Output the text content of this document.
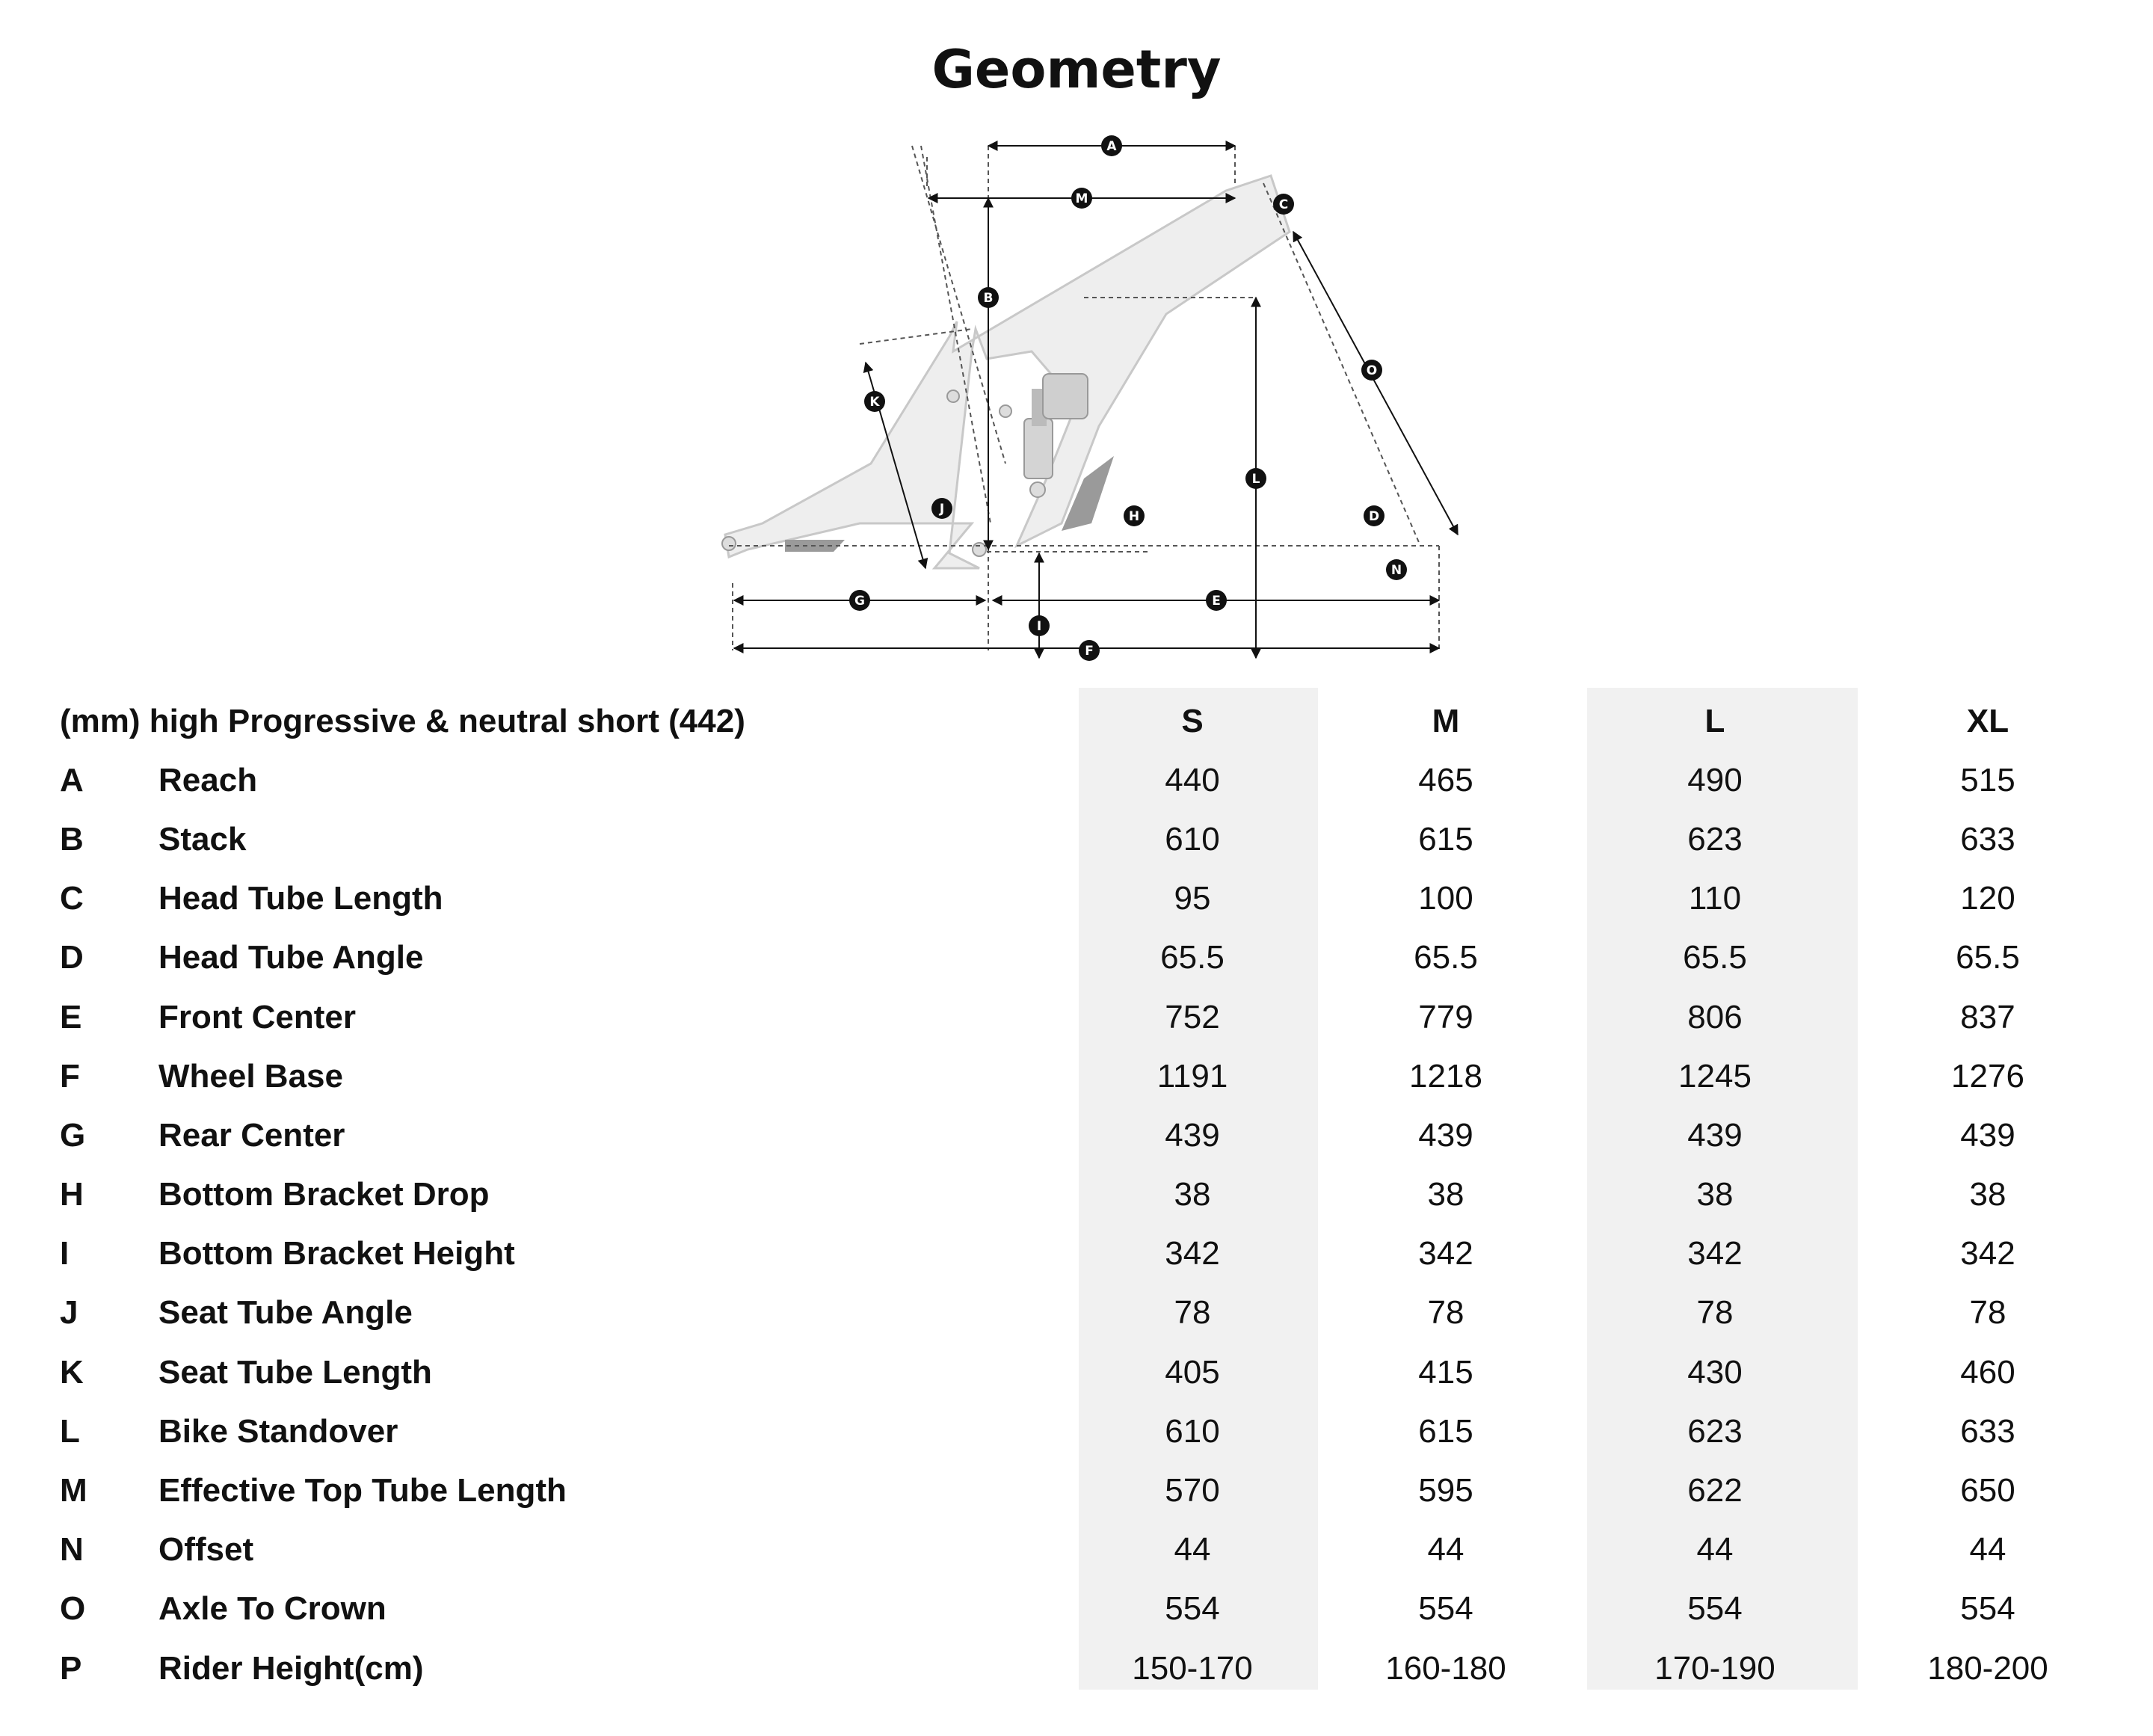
Geometry
A
B
C
D
E
F
G
H
I
J
K
L
M
N
O
(mm) high Progressive & neutral short (442)		S	M	L	XL
A	Reach	440	465	490	515
B	Stack	610	615	623	633
C	Head Tube Length	95	100	110	120
D	Head Tube Angle	65.5	65.5	65.5	65.5
E	Front Center	752	779	806	837
F	Wheel Base	1191	1218	1245	1276
G	Rear Center	439	439	439	439
H	Bottom Bracket Drop	38	38	38	38
I	Bottom Bracket Height	342	342	342	342
J	Seat Tube Angle	78	78	78	78
K	Seat Tube Length	405	415	430	460
L	Bike Standover	610	615	623	633
M	Effective Top Tube Length	570	595	622	650
N	Offset	44	44	44	44
O	Axle To Crown	554	554	554	554
P	Rider Height(cm)	150-170	160-180	170-190	180-200
